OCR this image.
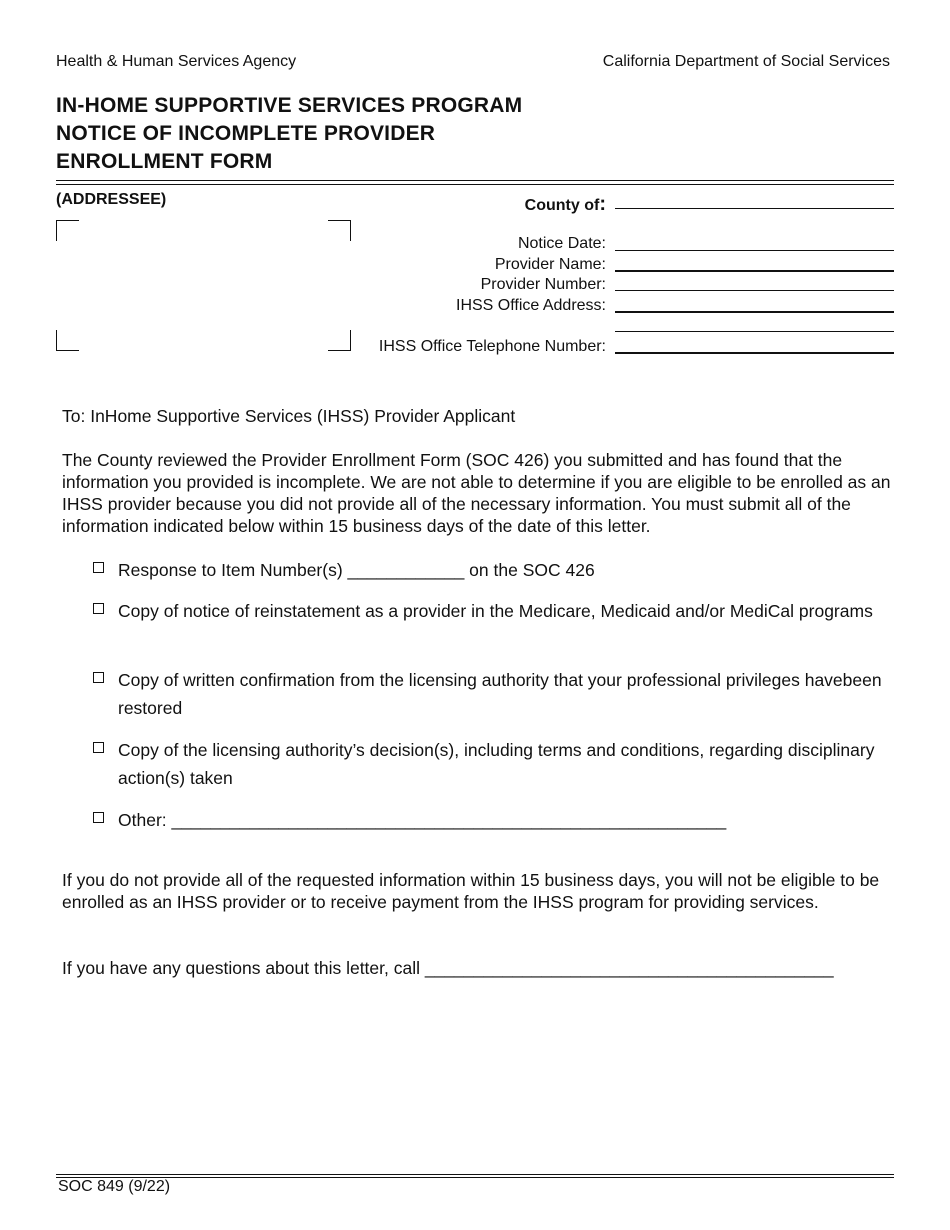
Health & Human Services Agency	California Department of Social Services
IN-HOME SUPPORTIVE SERVICES PROGRAM
NOTICE OF INCOMPLETE PROVIDER
ENROLLMENT FORM
(ADDRESSEE)	County of:
Notice Date:
Provider Name:
Provider Number:
IHSS Office Address:
IHSS Office Telephone Number:
To: InHome Supportive Services (IHSS) Provider Applicant
The County reviewed the Provider Enrollment Form (SOC 426) you submitted and has found that the information you provided is incomplete. We are not able to determine if you are eligible to be enrolled as an IHSS provider because you did not provide all of the necessary information. You must submit all of the information indicated below within 15 business days of the date of this letter.
Response to Item Number(s) ____________ on the SOC 426
Copy of notice of reinstatement as a provider in the Medicare, Medicaid and/or MediCal programs
Copy of written confirmation from the licensing authority that your professional privileges havebeen restored
Copy of the licensing authority’s decision(s), including terms and conditions, regarding disciplinary action(s) taken
Other: _________________________________________________________
If you do not provide all of the requested information within 15 business days, you will not be eligible to be enrolled as an IHSS provider or to receive payment from the IHSS program for providing services.
If you have any questions about this letter, call __________________________________________
SOC 849 (9/22)
